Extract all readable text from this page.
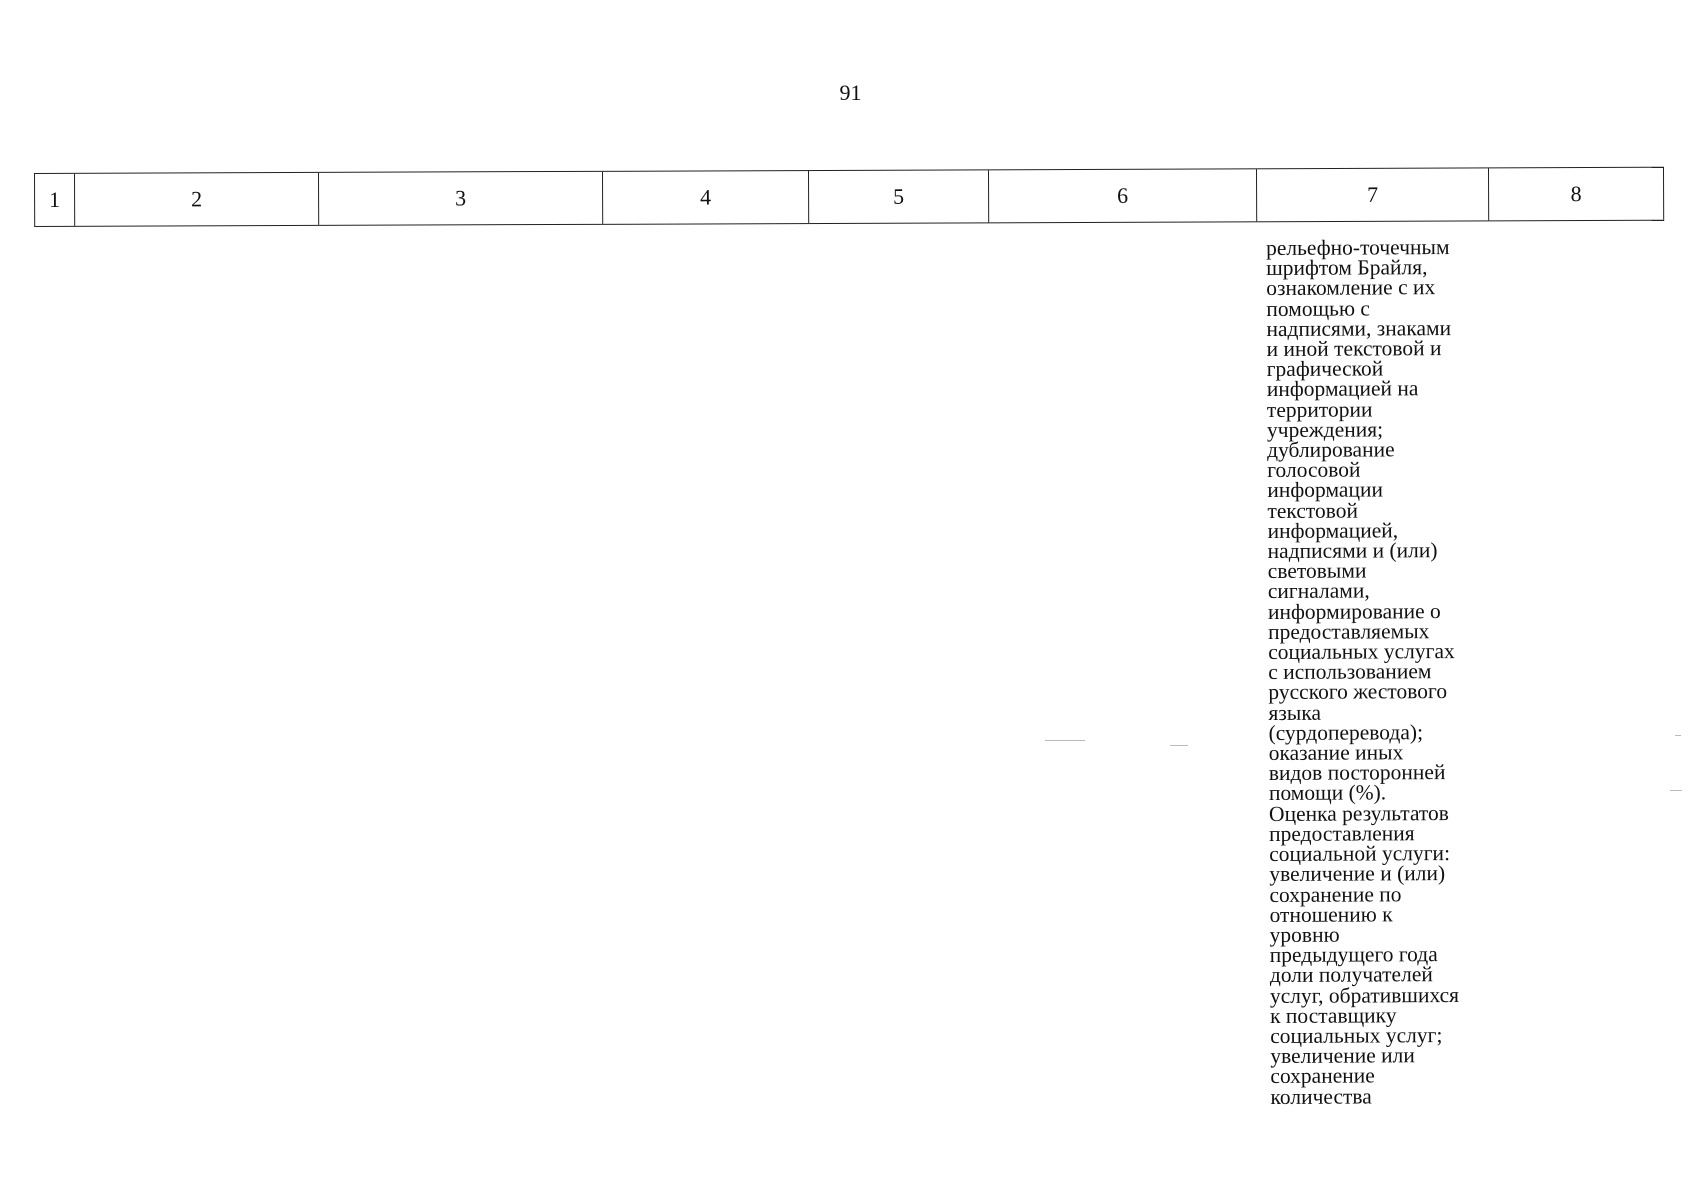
91
1	2	3	4	5	6	7	8
рельефно-точечным
шрифтом Брайля,
ознакомление с их
помощью с
надписями, знаками
и иной текстовой и
графической
информацией на
территории
учреждения;
дублирование
голосовой
информации
текстовой
информацией,
надписями и (или)
световыми
сигналами,
информирование о
предоставляемых
социальных услугах
с использованием
русского жестового
языка
(сурдоперевода);
оказание иных
видов посторонней
помощи (%).
Оценка результатов
предоставления
социальной услуги:
увеличение и (или)
сохранение по
отношению к
уровню
предыдущего года
доли получателей
услуг, обратившихся
к поставщику
социальных услуг;
увеличение или
сохранение
количества
